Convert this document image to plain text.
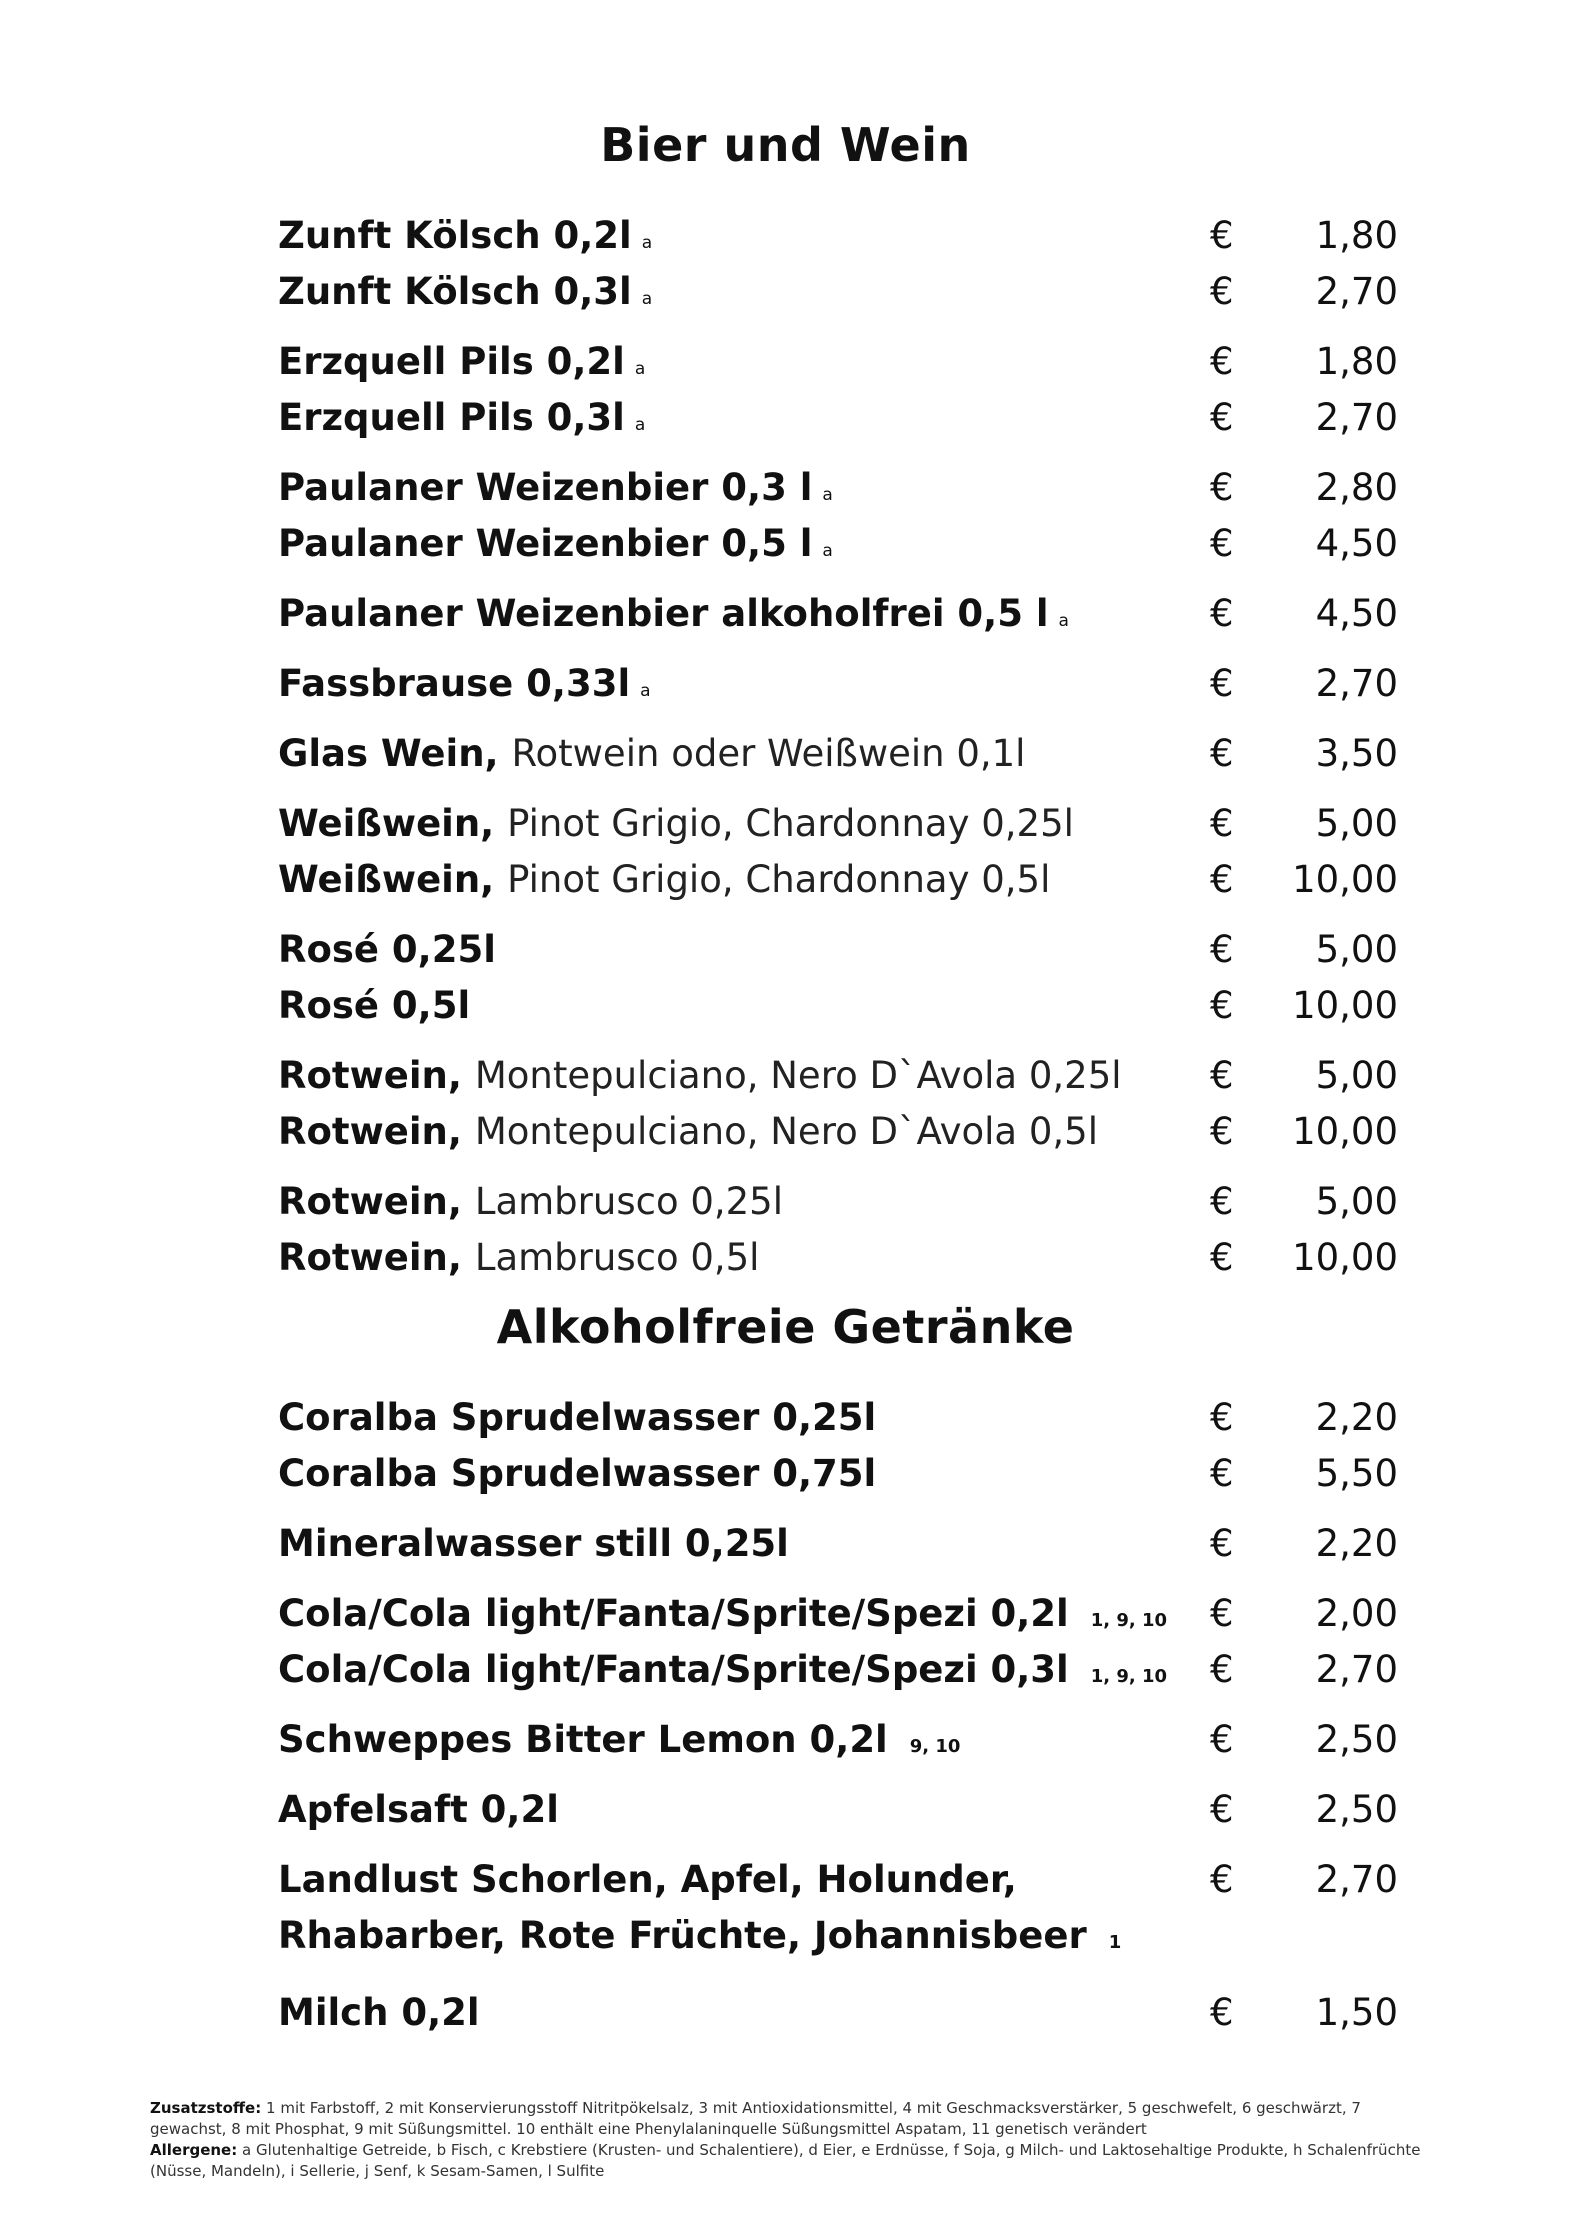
Bier und Wein
Zunft Kölsch 0,2l a	€	1,80
Zunft Kölsch 0,3l a	€	2,70
Erzquell Pils 0,2l a	€	1,80
Erzquell Pils 0,3l a	€	2,70
Paulaner Weizenbier 0,3 l a	€	2,80
Paulaner Weizenbier 0,5 l a	€	4,50
Paulaner Weizenbier alkoholfrei 0,5 l a	€	4,50
Fassbrause 0,33l a	€	2,70
Glas Wein, Rotwein oder Weißwein 0,1l	€	3,50
Weißwein, Pinot Grigio, Chardonnay 0,25l	€	5,00
Weißwein, Pinot Grigio, Chardonnay 0,5l	€	10,00
Rosé 0,25l	€	5,00
Rosé 0,5l	€	10,00
Rotwein, Montepulciano, Nero D`Avola 0,25l €	5,00
Rotwein, Montepulciano, Nero D`Avola 0,5l	€	10,00
Rotwein, Lambrusco 0,25l	€	5,00
Rotwein, Lambrusco 0,5l	€	10,00
Alkoholfreie Getränke
Coralba Sprudelwasser 0,25l	€	2,20
Coralba Sprudelwasser 0,75l	€	5,50
Mineralwasser still 0,25l	€	2,20
Cola/Cola light/Fanta/Sprite/Spezi 0,2l 1, 9, 10 €	2,00
Cola/Cola light/Fanta/Sprite/Spezi 0,3l 1, 9, 10 €	2,70
Schweppes Bitter Lemon 0,2l 9, 10	€	2,50
Apfelsaft 0,2l	€	2,50
Landlust Schorlen, Apfel, Holunder, Rhabarber, Rote Früchte, Johannisbeer 1
€	2,70
Milch 0,2l	€	1,50
Zusatzstoffe: 1 mit Farbstoff, 2 mit Konservierungsstoff Nitritpökelsalz, 3 mit Antioxidationsmittel, 4 mit Geschmacksverstärker, 5 geschwefelt, 6 geschwärzt, 7 gewachst, 8 mit Phosphat, 9 mit Süßungsmittel. 10 enthält eine Phenylalaninquelle Süßungsmittel Aspatam, 11 genetisch verändert
Allergene: a Glutenhaltige Getreide, b Fisch, c Krebstiere (Krusten- und Schalentiere), d Eier, e Erdnüsse, f Soja, g Milch- und Laktosehaltige Produkte, h Schalenfrüchte (Nüsse, Mandeln), i Sellerie, j Senf, k Sesam-Samen, l Sulfite
